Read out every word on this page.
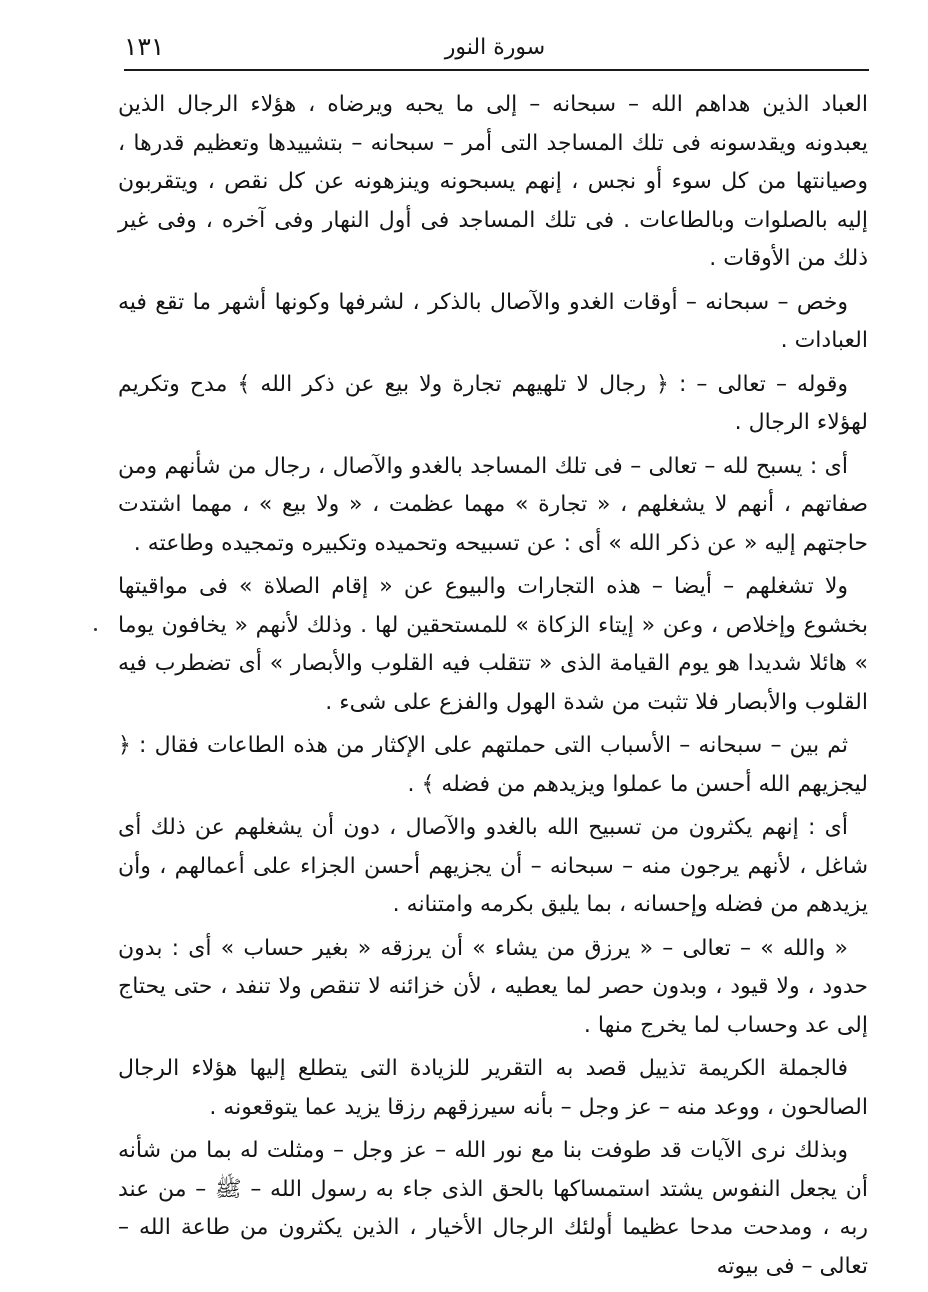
١٣١	سورة النور

العباد الذين هداهم الله – سبحانه – إلى ما يحبه ويرضاه ، هؤلاء الرجال الذين يعبدونه ويقدسونه فى تلك المساجد التى أمر – سبحانه – بتشييدها وتعظيم قدرها ، وصيانتها من كل سوء أو نجس ، إنهم يسبحونه وينزهونه عن كل نقص ، ويتقربون إليه بالصلوات وبالطاعات . فى تلك المساجد فى أول النهار وفى آخره ، وفى غير ذلك من الأوقات .

وخص – سبحانه – أوقات الغدو والآصال بالذكر ، لشرفها وكونها أشهر ما تقع فيه العبادات .

وقوله – تعالى – : ﴿ رجال لا تلهيهم تجارة ولا بيع عن ذكر الله ﴾ مدح وتكريم لهؤلاء الرجال .

أى : يسبح لله – تعالى – فى تلك المساجد بالغدو والآصال ، رجال من شأنهم ومن صفاتهم ، أنهم لا يشغلهم ، « تجارة » مهما عظمت ، « ولا بيع » ، مهما اشتدت حاجتهم إليه « عن ذكر الله » أى : عن تسبيحه وتحميده وتكبيره وتمجيده وطاعته .

ولا تشغلهم – أيضا – هذه التجارات والبيوع عن « إقام الصلاة » فى مواقيتها بخشوع وإخلاص ، وعن « إيتاء الزكاة » للمستحقين لها . وذلك لأنهم « يخافون يوما » هائلا شديدا هو يوم القيامة الذى « تتقلب فيه القلوب والأبصار » أى تضطرب فيه القلوب والأبصار فلا تثبت من شدة الهول والفزع على شىء .

ثم بين – سبحانه – الأسباب التى حملتهم على الإكثار من هذه الطاعات فقال : ﴿ ليجزيهم الله أحسن ما عملوا ويزيدهم من فضله ﴾ .

أى : إنهم يكثرون من تسبيح الله بالغدو والآصال ، دون أن يشغلهم عن ذلك أى شاغل ، لأنهم يرجون منه – سبحانه – أن يجزيهم أحسن الجزاء على أعمالهم ، وأن يزيدهم من فضله وإحسانه ، بما يليق بكرمه وامتنانه .

« والله » – تعالى – « يرزق من يشاء » أن يرزقه « بغير حساب » أى : بدون حدود ، ولا قيود ، وبدون حصر لما يعطيه ، لأن خزائنه لا تنقص ولا تنفد ، حتى يحتاج إلى عد وحساب لما يخرج منها .

فالجملة الكريمة تذييل قصد به التقرير للزيادة التى يتطلع إليها هؤلاء الرجال الصالحون ، ووعد منه – عز وجل – بأنه سيرزقهم رزقا يزيد عما يتوقعونه .

وبذلك نرى الآيات قد طوفت بنا مع نور الله – عز وجل – ومثلت له بما من شأنه أن يجعل النفوس يشتد استمساكها بالحق الذى جاء به رسول الله – ﷺ – من عند ربه ، ومدحت مدحا عظيما أولئك الرجال الأخيار ، الذين يكثرون من طاعة الله – تعالى – فى بيوته
